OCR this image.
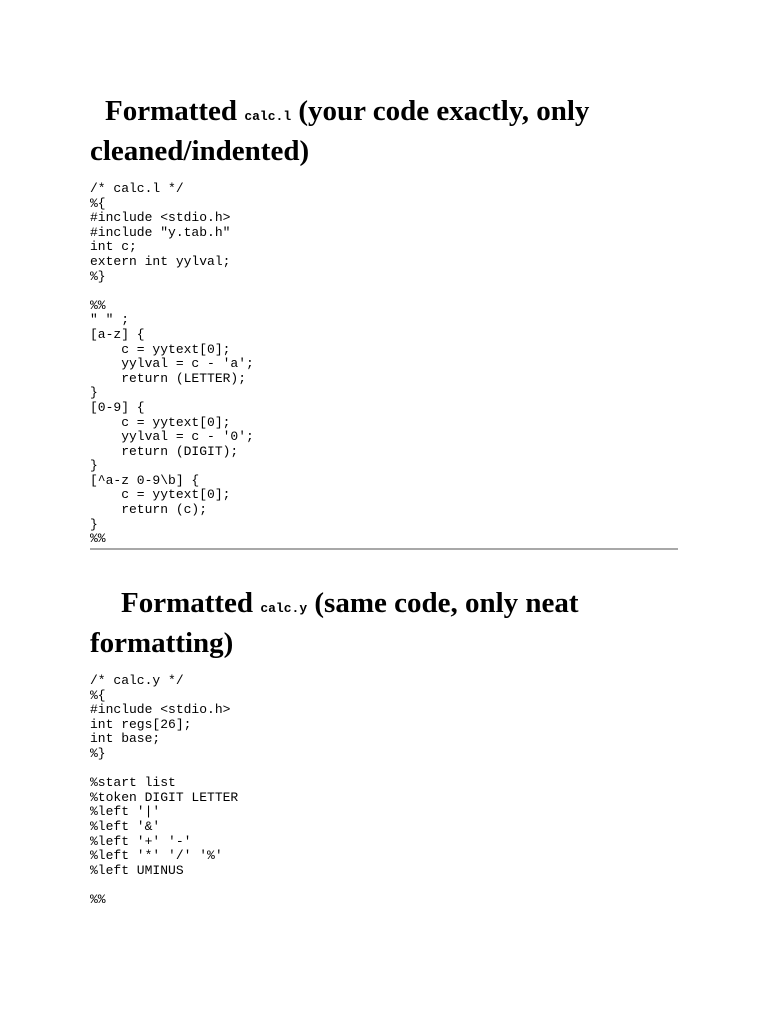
Formatted calc.l (your code exactly, only cleaned/indented)
/* calc.l */
%{
#include <stdio.h>
#include "y.tab.h"
int c;
extern int yylval;
%}

%%
" " ;
[a-z] {
c = yytext[0];
yylval = c - 'a';
return (LETTER);
}
[0-9] {
c = yytext[0];
yylval = c - '0';
return (DIGIT);
}
[^a-z 0-9\b] {
c = yytext[0];
return (c);
}
%%
Formatted calc.y (same code, only neat formatting)
/* calc.y */
%{
#include <stdio.h>
int regs[26];
int base;
%}

%start list
%token DIGIT LETTER
%left '|'
%left '&'
%left '+' '-'
%left '*' '/' '%'
%left UMINUS

%%
